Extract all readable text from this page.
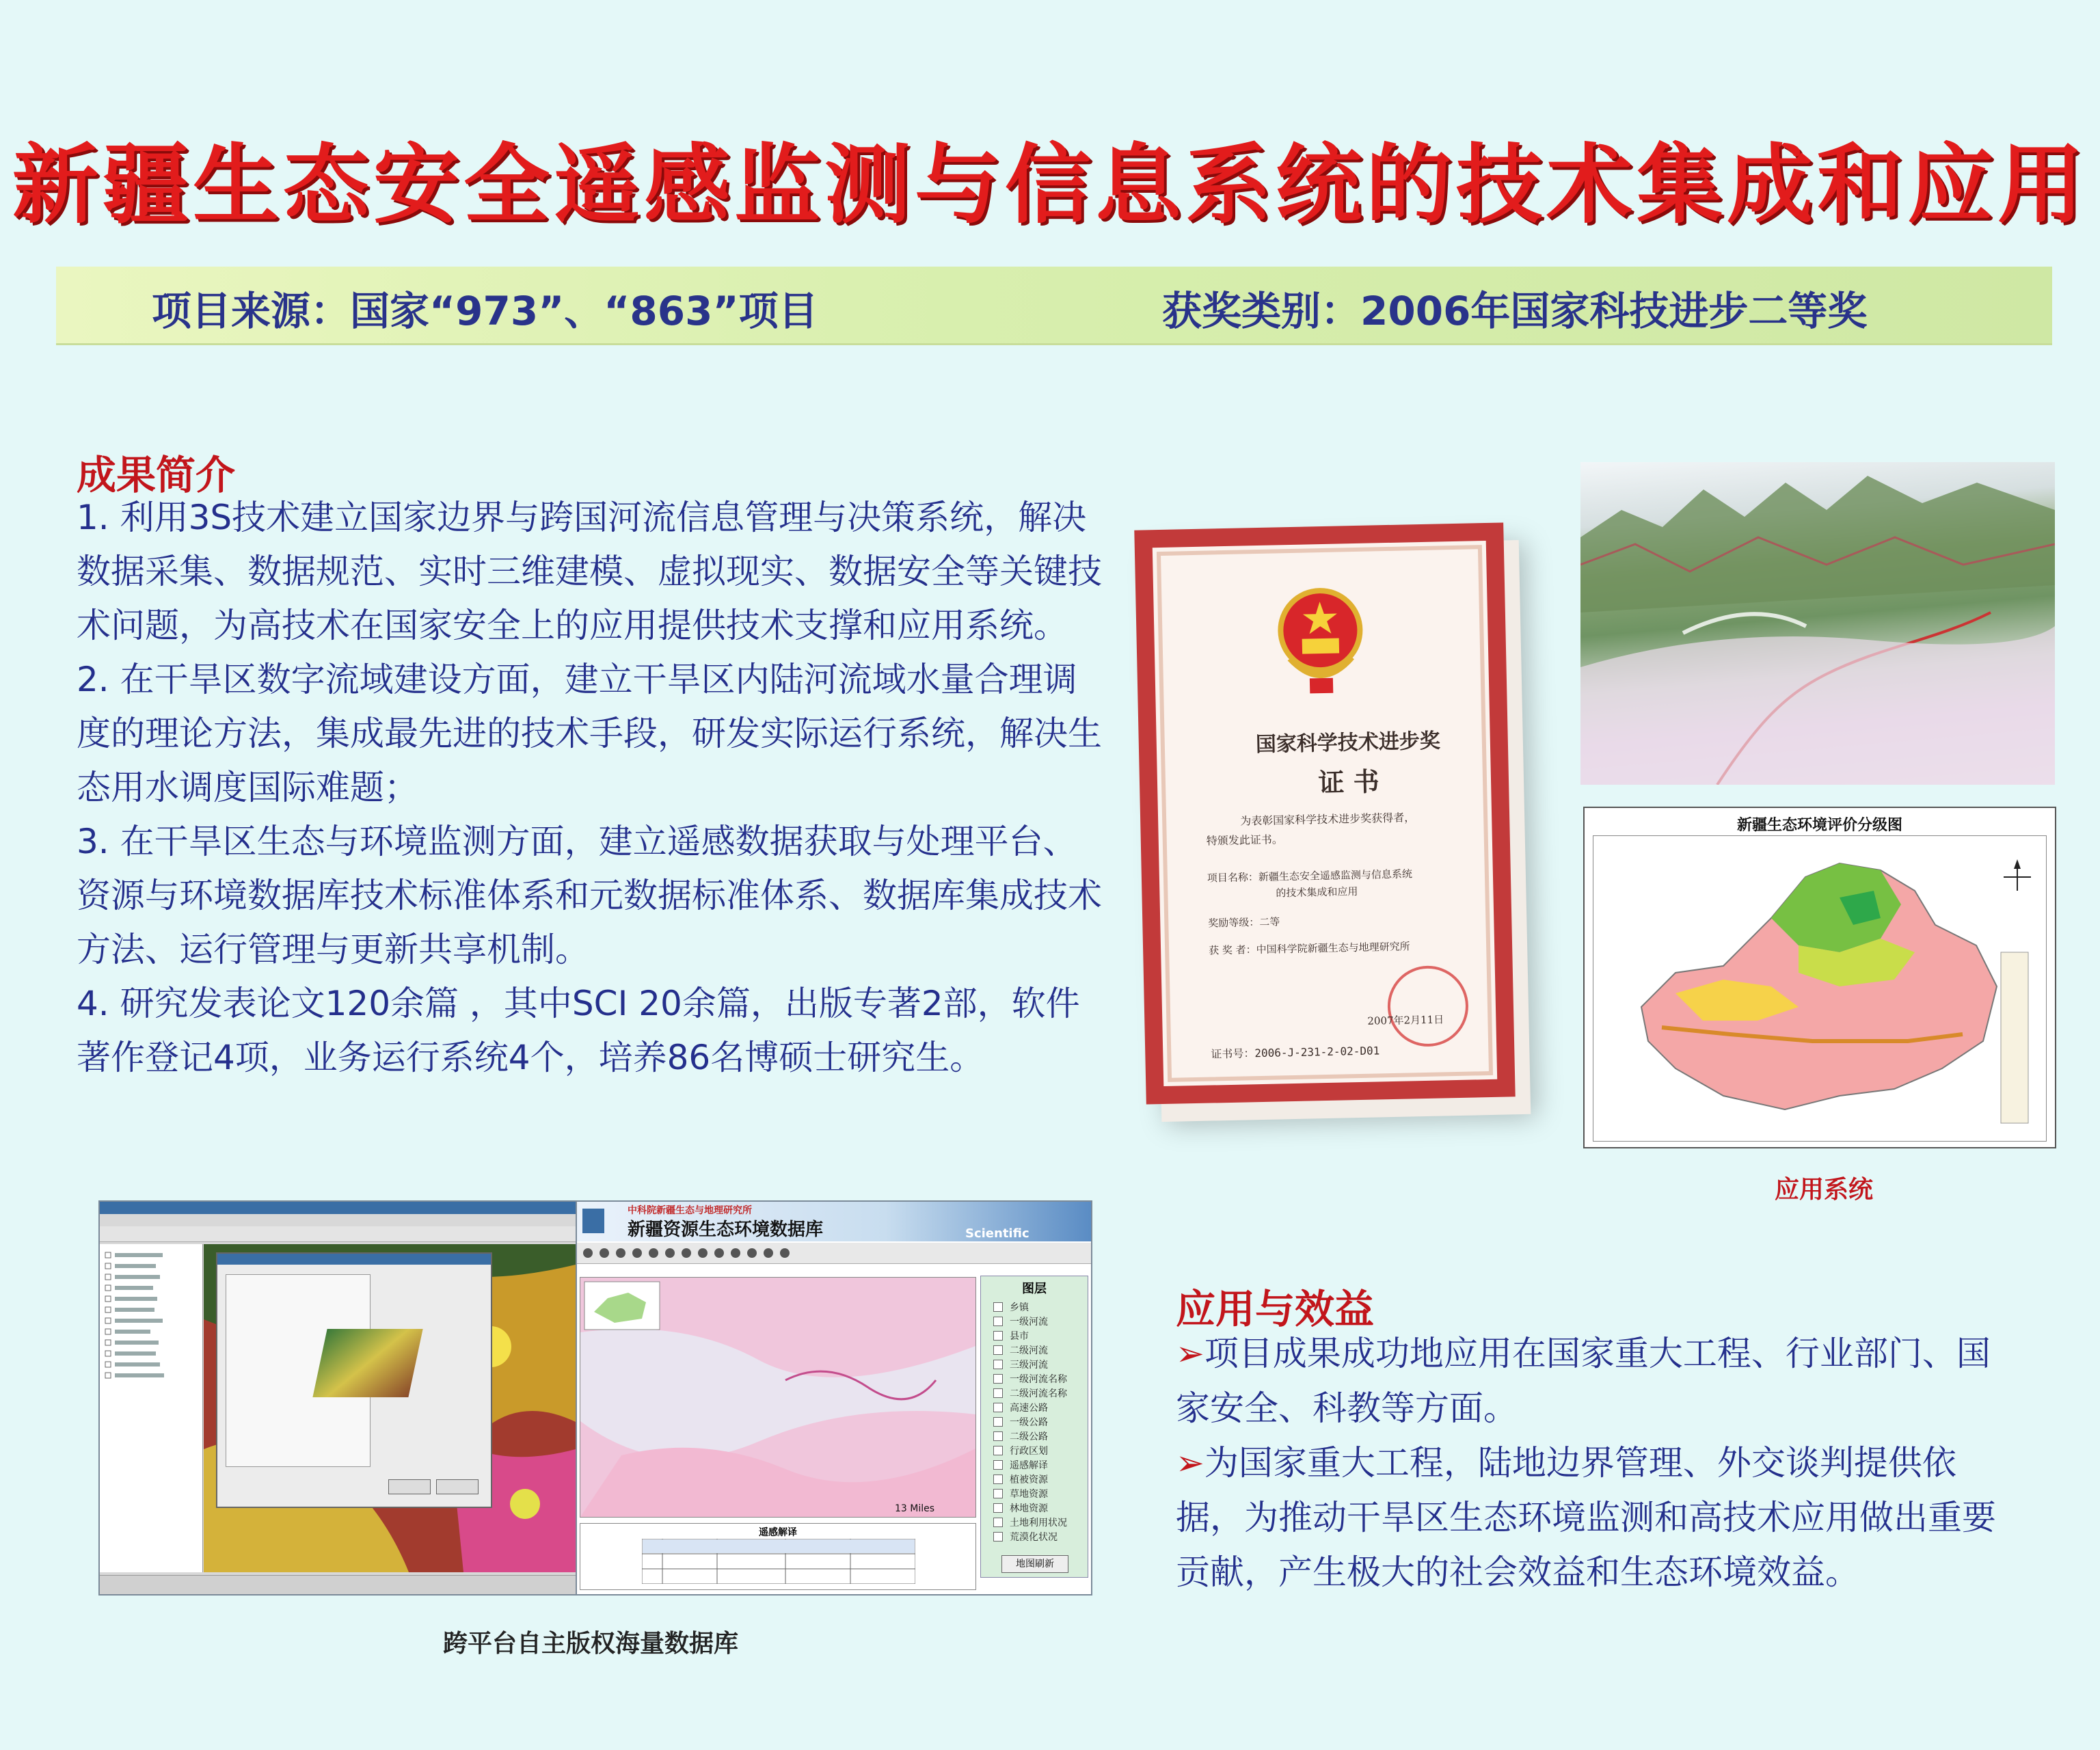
新疆生态安全遥感监测与信息系统的技术集成和应用
项目来源：国家“973”、“863”项目	获奖类别：2006年国家科技进步二等奖
成果简介

1. 利用3S技术建立国家边界与跨国河流信息管理与决策系统，解决数据采集、数据规范、实时三维建模、虚拟现实、数据安全等关键技术问题，为高技术在国家安全上的应用提供技术支撑和应用系统。

2. 在干旱区数字流域建设方面，建立干旱区内陆河流域水量合理调度的理论方法，集成最先进的技术手段，研发实际运行系统，解决生态用水调度国际难题；

3. 在干旱区生态与环境监测方面，建立遥感数据获取与处理平台、资源与环境数据库技术标准体系和元数据标准体系、数据库集成技术方法、运行管理与更新共享机制。

4. 研究发表论文120余篇 ，其中SCI 20余篇，出版专著2部，软件著作登记4项，业务运行系统4个，培养86名博硕士研究生。

国家科学技术进步奖
证 书
为表彰国家科学技术进步奖获得者，
特颁发此证书。
项目名称：新疆生态安全遥感监测与信息系统
的技术集成和应用
奖励等级：二等
获 奖 者：中国科学院新疆生态与地理研究所
2007年2月11日
证书号：2006-J-231-2-02-D01
新疆生态环境评价分级图
应用系统
中科院新疆生态与地理研究所
新疆资源生态环境数据库	Scientific
13 Miles
图层
乡镇
一级河流
县市
二级河流
三级河流
一级河流名称
二级河流名称
高速公路
一级公路
二级公路
行政区划
遥感解译
植被资源
草地资源
林地资源
土地利用状况
荒漠化状况
地图刷新
遥感解译
跨平台自主版权海量数据库
应用与效益

➢项目成果成功地应用在国家重大工程、行业部门、国家安全、科教等方面。

➢为国家重大工程，陆地边界管理、外交谈判提供依据，为推动干旱区生态环境监测和高技术应用做出重要贡献，产生极大的社会效益和生态环境效益。
